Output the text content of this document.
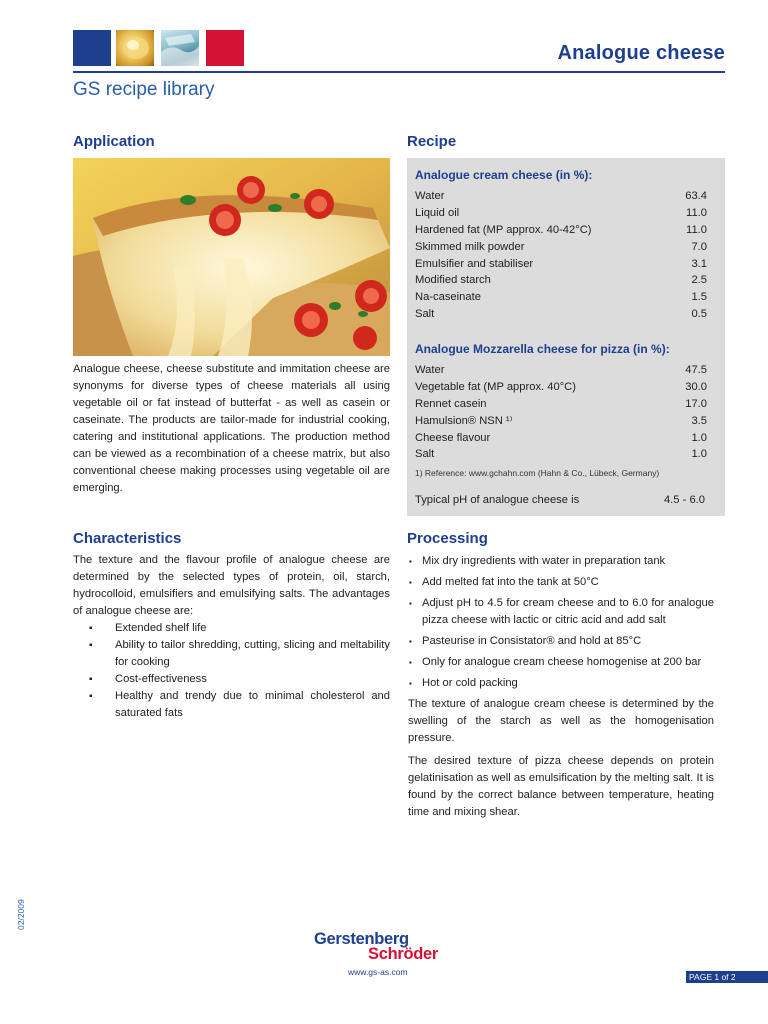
Analogue cheese
GS recipe library
Application

Analogue cheese, cheese substitute and immitation cheese are synonyms for diverse types of cheese materials all using vegetable oil or fat instead of butterfat - as well as casein or caseinate. The products are tailor-made for industrial cooking, catering and institutional applications. The production method can be viewed as a recombination of a cheese matrix, but also conventional cheese making processes using vegetable oil are emerging.

Characteristics

The texture and the flavour profile of analogue cheese are determined by the selected types of protein, oil, starch, hydrocolloid, emulsifiers and emulsifying salts. The advantages of analogue cheese are:

▪ Extended shelf life
▪ Ability to tailor shredding, cutting, slicing and meltability for cooking
▪ Cost-effectiveness
▪ Healthy and trendy due to minimal cholesterol and saturated fats
Recipe
Analogue cream cheese (in %):
Water	63.4
Liquid oil	11.0
Hardened fat (MP approx. 40-42°C)	11.0
Skimmed milk powder	7.0
Emulsifier and stabiliser	3.1
Modified starch	2.5
Na-caseinate	1.5
Salt	0.5
Analogue Mozzarella cheese for pizza (in %):
Water	47.5
Vegetable fat (MP approx. 40°C)	30.0
Rennet casein	17.0
Hamulsion® NSN ¹⁾	3.5
Cheese flavour	1.0
Salt	1.0
1) Reference: www.gchahn.com (Hahn & Co., Lübeck, Germany)
Typical pH of analogue cheese is	4.5 - 6.0
Processing
▪ Mix dry ingredients with water in preparation tank
▪ Add melted fat into the tank at 50°C
▪ Adjust pH to 4.5 for cream cheese and to 6.0 for analogue pizza cheese with lactic or citric acid and add salt
▪ Pasteurise in Consistator® and hold at 85°C
▪ Only for analogue cream cheese homogenise at 200 bar
▪ Hot or cold packing

The texture of analogue cream cheese is determined by the swelling of the starch as well as the homogenisation pressure.

The desired texture of pizza cheese depends on protein gelatinisation as well as emulsification by the melting salt. It is found by the correct balance between temperature, heating time and mixing shear.

02/2009
Gerstenberg
Schröder
www.gs-as.com	PAGE 1 of 2
